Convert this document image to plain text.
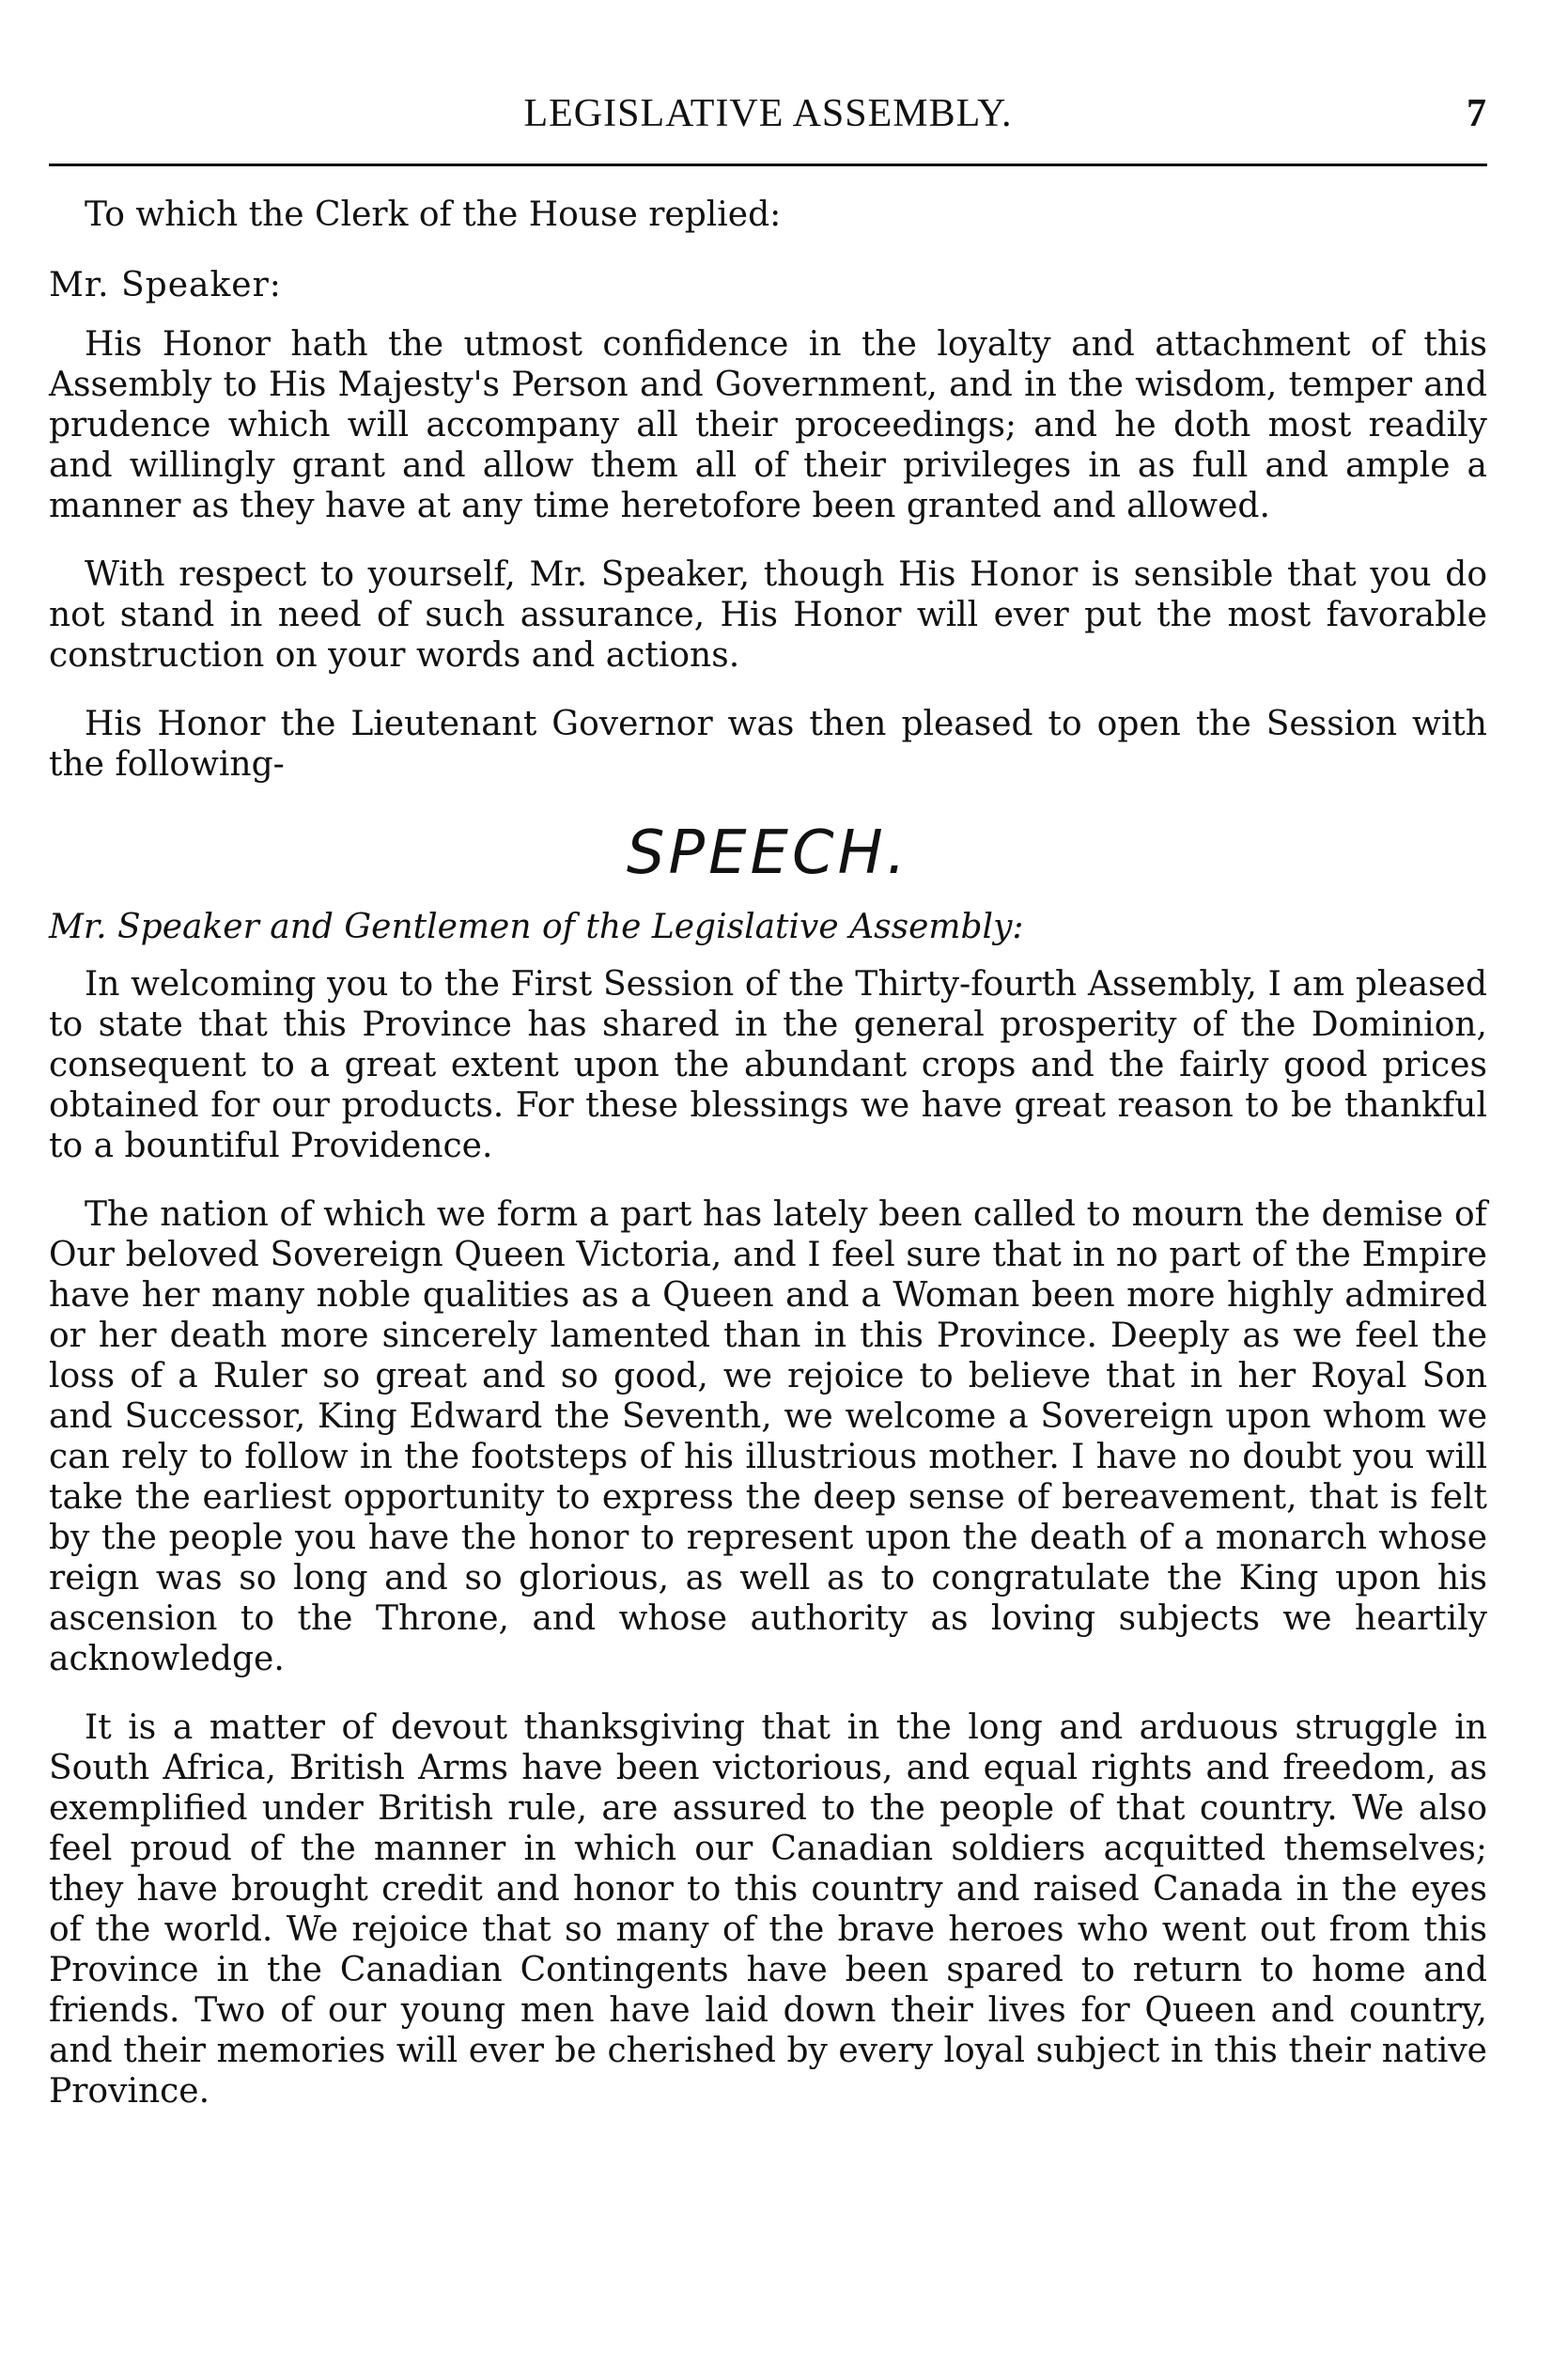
LEGISLATIVE ASSEMBLY.	7

To which the Clerk of the House replied:

Mr. Speaker:

His Honor hath the utmost confidence in the loyalty and attachment of this Assembly to His Majesty's Person and Government, and in the wisdom, temper and prudence which will accompany all their proceedings; and he doth most readily and willingly grant and allow them all of their privileges in as full and ample a manner as they have at any time heretofore been granted and allowed.

With respect to yourself, Mr. Speaker, though His Honor is sensible that you do not stand in need of such assurance, His Honor will ever put the most favorable construction on your words and actions.

His Honor the Lieutenant Governor was then pleased to open the Session with the following-

SPEECH.

Mr. Speaker and Gentlemen of the Legislative Assembly:

In welcoming you to the First Session of the Thirty-fourth Assembly, I am pleased to state that this Province has shared in the general prosperity of the Dominion, consequent to a great extent upon the abundant crops and the fairly good prices obtained for our products. For these blessings we have great reason to be thankful to a bountiful Providence.

The nation of which we form a part has lately been called to mourn the demise of Our beloved Sovereign Queen Victoria, and I feel sure that in no part of the Empire have her many noble qualities as a Queen and a Woman been more highly admired or her death more sincerely lamented than in this Province. Deeply as we feel the loss of a Ruler so great and so good, we rejoice to believe that in her Royal Son and Successor, King Edward the Seventh, we welcome a Sovereign upon whom we can rely to follow in the footsteps of his illustrious mother. I have no doubt you will take the earliest opportunity to express the deep sense of bereavement, that is felt by the people you have the honor to represent upon the death of a monarch whose reign was so long and so glorious, as well as to congratulate the King upon his ascension to the Throne, and whose authority as loving subjects we heartily acknowledge.

It is a matter of devout thanksgiving that in the long and arduous struggle in South Africa, British Arms have been victorious, and equal rights and freedom, as exemplified under British rule, are assured to the people of that country. We also feel proud of the manner in which our Canadian soldiers acquitted themselves; they have brought credit and honor to this country and raised Canada in the eyes of the world. We rejoice that so many of the brave heroes who went out from this Province in the Canadian Contingents have been spared to return to home and friends. Two of our young men have laid down their lives for Queen and country, and their memories will ever be cherished by every loyal subject in this their native Province.
